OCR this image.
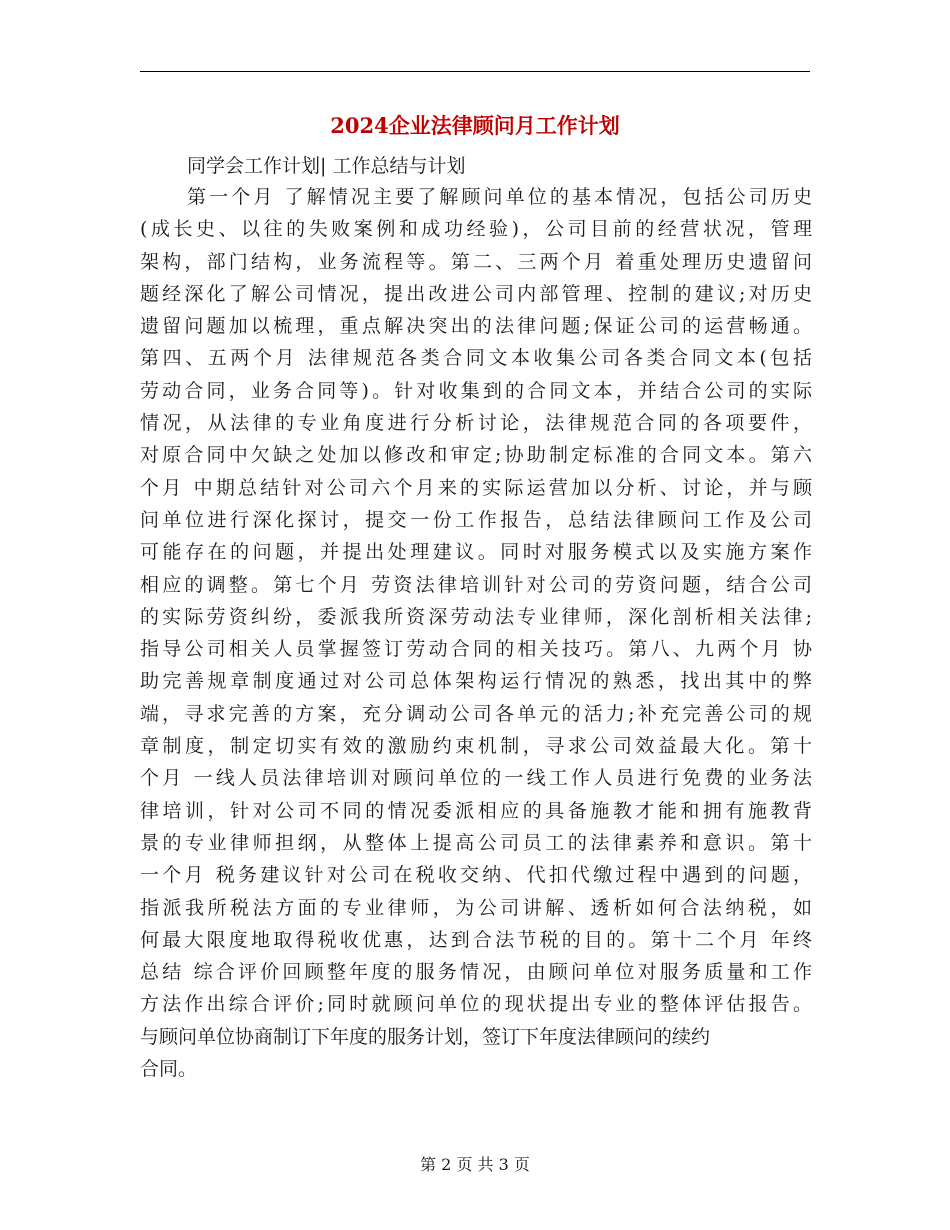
2024企业法律顾问月工作计划
同学会工作计划| 工作总结与计划
第一个月 了解情况主要了解顾问单位的基本情况，包括公司历史
(成长史、以往的失败案例和成功经验)，公司目前的经营状况，管理
架构，部门结构，业务流程等。第二、三两个月 着重处理历史遗留问
题经深化了解公司情况，提出改进公司内部管理、控制的建议;对历史
遗留问题加以梳理，重点解决突出的法律问题;保证公司的运营畅通。
第四、五两个月 法律规范各类合同文本收集公司各类合同文本(包括
劳动合同，业务合同等)。针对收集到的合同文本，并结合公司的实际
情况，从法律的专业角度进行分析讨论，法律规范合同的各项要件，
对原合同中欠缺之处加以修改和审定;协助制定标准的合同文本。第六
个月 中期总结针对公司六个月来的实际运营加以分析、讨论，并与顾
问单位进行深化探讨，提交一份工作报告，总结法律顾问工作及公司
可能存在的问题，并提出处理建议。同时对服务模式以及实施方案作
相应的调整。第七个月 劳资法律培训针对公司的劳资问题，结合公司
的实际劳资纠纷，委派我所资深劳动法专业律师，深化剖析相关法律;
指导公司相关人员掌握签订劳动合同的相关技巧。第八、九两个月 协
助完善规章制度通过对公司总体架构运行情况的熟悉，找出其中的弊
端，寻求完善的方案，充分调动公司各单元的活力;补充完善公司的规
章制度，制定切实有效的激励约束机制，寻求公司效益最大化。第十
个月 一线人员法律培训对顾问单位的一线工作人员进行免费的业务法
律培训，针对公司不同的情况委派相应的具备施教才能和拥有施教背
景的专业律师担纲，从整体上提高公司员工的法律素养和意识。第十
一个月 税务建议针对公司在税收交纳、代扣代缴过程中遇到的问题，
指派我所税法方面的专业律师，为公司讲解、透析如何合法纳税，如
何最大限度地取得税收优惠，达到合法节税的目的。第十二个月 年终
总结 综合评价回顾整年度的服务情况，由顾问单位对服务质量和工作
方法作出综合评价;同时就顾问单位的现状提出专业的整体评估报告。
与顾问单位协商制订下年度的服务计划，签订下年度法律顾问的续约
合同。
第 2 页 共 3 页
